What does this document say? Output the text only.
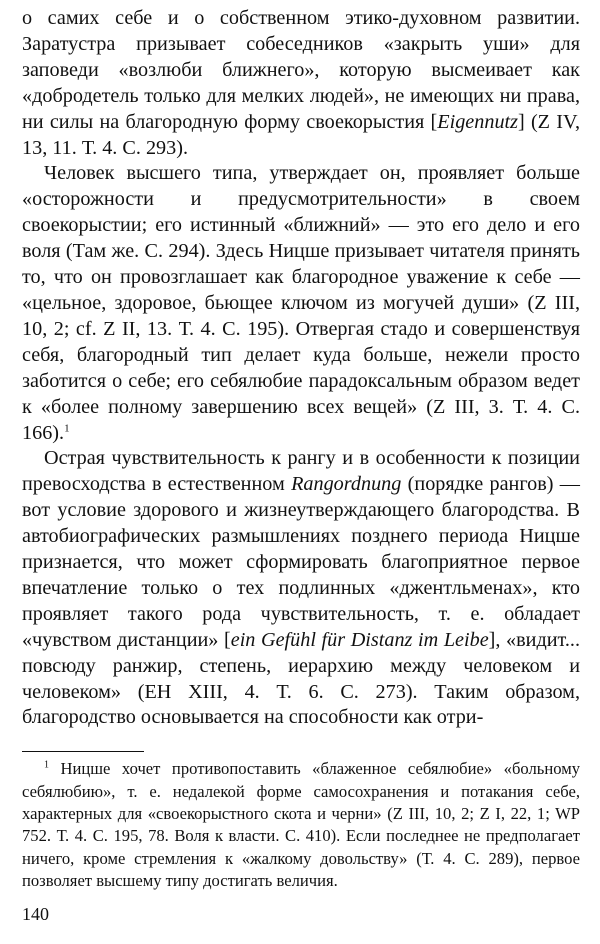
о самих себе и о собственном этико-духовном развитии. Заратустра призывает собеседников «закрыть уши» для заповеди «возлюби ближнего», которую высмеивает как «добродетель только для мелких людей», не имеющих ни права, ни силы на благородную форму своекорыстия [Eigennutz] (Z IV, 13, 11. Т. 4. С. 293).

Человек высшего типа, утверждает он, проявляет больше «осторожности и предусмотрительности» в своем своекорыстии; его истинный «ближний» — это его дело и его воля (Там же. С. 294). Здесь Ницше призывает читателя принять то, что он провозглашает как благородное уважение к себе — «цельное, здоровое, бьющее ключом из могучей души» (Z III, 10, 2; cf. Z II, 13. Т. 4. С. 195). Отвергая стадо и совершенствуя себя, благородный тип делает куда больше, нежели просто заботится о себе; его себялюбие парадоксальным образом ведет к «более полному завершению всех вещей» (Z III, 3. Т. 4. С. 166).$^1$

Острая чувствительность к рангу и в особенности к позиции превосходства в естественном Rangordnung (порядке рангов) — вот условие здорового и жизнеутверждающего благородства. В автобиографических размышлениях позднего периода Ницше признается, что может сформировать благоприятное первое впечатление только о тех подлинных «джентльменах», кто проявляет такого рода чувствительность, т. е. обладает «чувством дистанции» [ein Gefühl für Distanz im Leibe], «видит... повсюду ранжир, степень, иерархию между человеком и человеком» (EH XIII, 4. Т. 6. С. 273). Таким образом, благородство основывается на способности как отри-

$^1$ Ницше хочет противопоставить «блаженное себялюбие» «больному себялюбию», т. е. недалекой форме самосохранения и потакания себе, характерных для «своекорыстного скота и черни» (Z III, 10, 2; Z I, 22, 1; WP 752. Т. 4. С. 195, 78. Воля к власти. С. 410). Если последнее не предполагает ничего, кроме стремления к «жалкому довольству» (Т. 4. С. 289), первое позволяет высшему типу достигать величия.

140
